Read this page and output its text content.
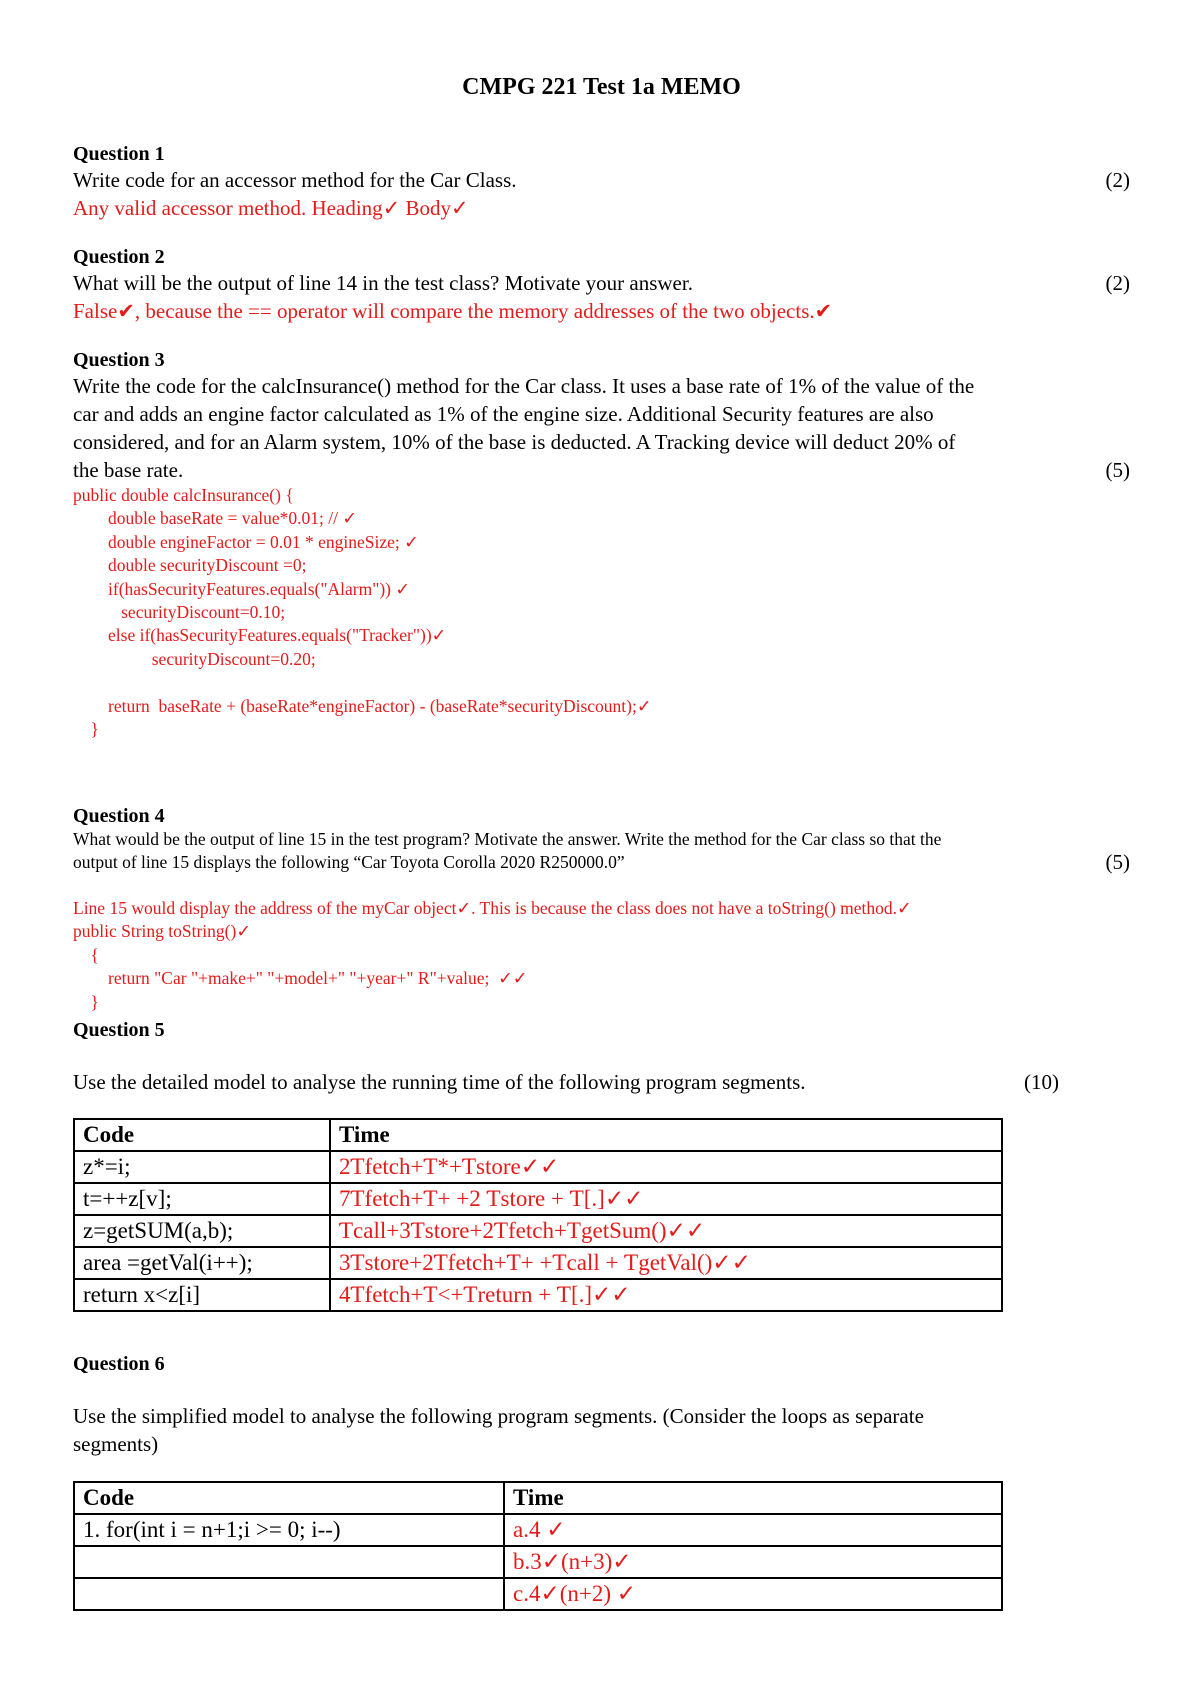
CMPG 221 Test 1a MEMO

Question 1

Write code for an accessor method for the Car Class.	(2)

Any valid accessor method. Heading✓ Body✓

Question 2

What will be the output of line 14 in the test class? Motivate your answer.	(2)

False✔, because the == operator will compare the memory addresses of the two objects.✔

Question 3

Write the code for the calcInsurance() method for the Car class. It uses a base rate of 1% of the value of the

car and adds an engine factor calculated as 1% of the engine size. Additional Security features are also

considered, and for an Alarm system, 10% of the base is deducted. A Tracking device will deduct 20% of

the base rate.	(5)

public double calcInsurance() {

double baseRate = value*0.01; // ✓

double engineFactor = 0.01 * engineSize; ✓

double securityDiscount =0;

if(hasSecurityFeatures.equals("Alarm")) ✓

securityDiscount=0.10;

else if(hasSecurityFeatures.equals("Tracker"))✓

securityDiscount=0.20;

return  baseRate + (baseRate*engineFactor) - (baseRate*securityDiscount);✓

}

Question 4

What would be the output of line 15 in the test program? Motivate the answer. Write the method for the Car class so that the

output of line 15 displays the following “Car Toyota Corolla 2020 R250000.0”	(5)

Line 15 would display the address of the myCar object✓. This is because the class does not have a toString() method.✓

public String toString()✓

{

return "Car "+make+" "+model+" "+year+" R"+value;  ✓✓

}

Question 5

Use the detailed model to analyse the running time of the following program segments.	(10)

Code	Time
z*=i;	2Ƭfetch+Ƭ*+Ƭstore✓✓
t=++z[v];	7Ƭfetch+Ƭ+ +2 Ƭstore + Ƭ[.]✓✓
z=getSUM(a,b);	Ƭcall+3Ƭstore+2Ƭfetch+TgetSum()✓✓
area =getVal(i++);	3Ƭstore+2Ƭfetch+Ƭ+ +Ƭcall + ƬgetVal()✓✓
return x<z[i]	4Ƭfetch+Ƭ<+Ƭreturn + Ƭ[.]✓✓

Question 6

Use the simplified model to analyse the following program segments. (Consider the loops as separate

segments)

Code	Time
1. for(int i = n+1;i >= 0; i--)	a.4 ✓
	b.3✓(n+3)✓
	c.4✓(n+2) ✓
